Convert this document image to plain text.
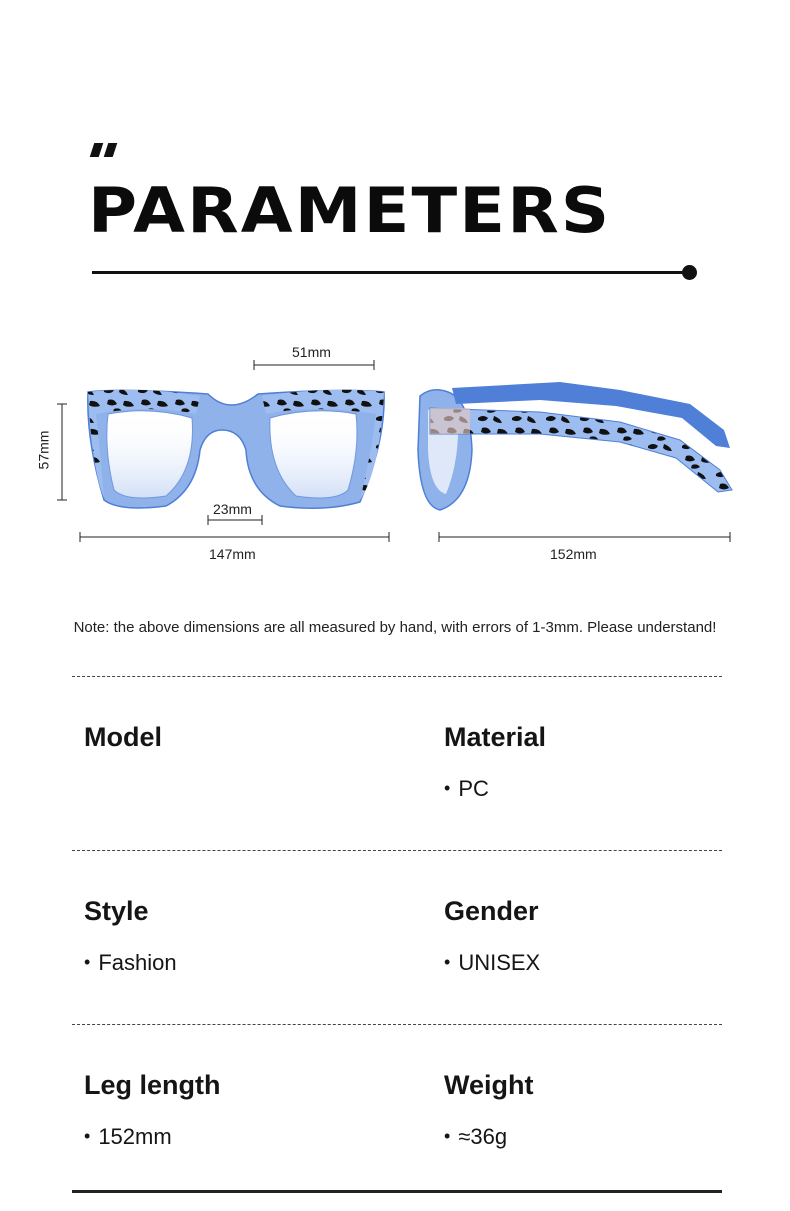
PARAMETERS
51mm
57mm
23mm
147mm	152mm
Note: the above dimensions are all measured by hand, with errors of 1-3mm. Please understand!
Model	Material
• PC
Style
• Fashion
Gender
• UNISEX
Leg length
• 152mm
Weight
• ≈36g
